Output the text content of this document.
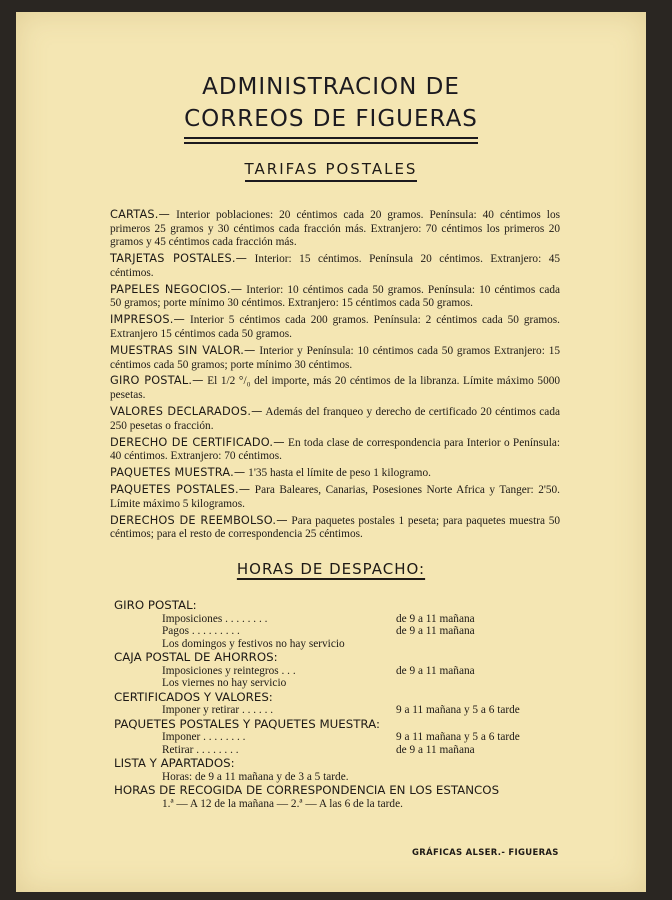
ADMINISTRACION DE
CORREOS DE FIGUERAS
TARIFAS POSTALES
CARTAS.— Interior poblaciones: 20 céntimos cada 20 gramos. Península: 40 céntimos los primeros 25 gramos y 30 céntimos cada fracción más. Extranjero: 70 céntimos los primeros 20 gramos y 45 céntimos cada fracción más.
TARJETAS POSTALES.— Interior: 15 céntimos. Península 20 céntimos. Extranjero: 45 céntimos.
PAPELES NEGOCIOS.— Interior: 10 céntimos cada 50 gramos. Península: 10 céntimos cada 50 gramos; porte mínimo 30 céntimos. Extranjero: 15 céntimos cada 50 gramos.
IMPRESOS.— Interior 5 céntimos cada 200 gramos. Península: 2 céntimos cada 50 gramos. Extranjero 15 céntimos cada 50 gramos.
MUESTRAS SIN VALOR.— Interior y Península: 10 céntimos cada 50 gramos Extranjero: 15 céntimos cada 50 gramos; porte mínimo 30 céntimos.
GIRO POSTAL.— El 1/2 °/₀ del importe, más 20 céntimos de la libranza. Límite máximo 5000 pesetas.
VALORES DECLARADOS.— Además del franqueo y derecho de certificado 20 céntimos cada 250 pesetas o fracción.
DERECHO DE CERTIFICADO.— En toda clase de correspondencia para Interior o Península: 40 céntimos. Extranjero: 70 céntimos.
PAQUETES MUESTRA.— 1'35 hasta el límite de peso 1 kilogramo.
PAQUETES POSTALES.— Para Baleares, Canarias, Posesiones Norte Africa y Tanger: 2'50. Límite máximo 5 kilogramos.
DERECHOS DE REEMBOLSO.— Para paquetes postales 1 peseta; para paquetes muestra 50 céntimos; para el resto de correspondencia 25 céntimos.
HORAS DE DESPACHO:
GIRO POSTAL:
Imposiciones . . . . . . . .	de 9 a 11 mañana
Pagos . . . . . . . . .	de 9 a 11 mañana
Los domingos y festivos no hay servicio
CAJA POSTAL DE AHORROS:
Imposiciones y reintegros . . .	de 9 a 11 mañana
Los viernes no hay servicio
CERTIFICADOS Y VALORES:
Imponer y retirar . . . . . .	9 a 11 mañana y 5 a 6 tarde
PAQUETES POSTALES Y PAQUETES MUESTRA:
Imponer . . . . . . . .	9 a 11 mañana y 5 a 6 tarde
Retirar . . . . . . . .	de 9 a 11 mañana
LISTA Y APARTADOS:
Horas: de 9 a 11 mañana y de 3 a 5 tarde.
HORAS DE RECOGIDA DE CORRESPONDENCIA EN LOS ESTANCOS
1.ª — A 12 de la mañana — 2.ª — A las 6 de la tarde.
GRÁFICAS ALSER.- FIGUERAS
